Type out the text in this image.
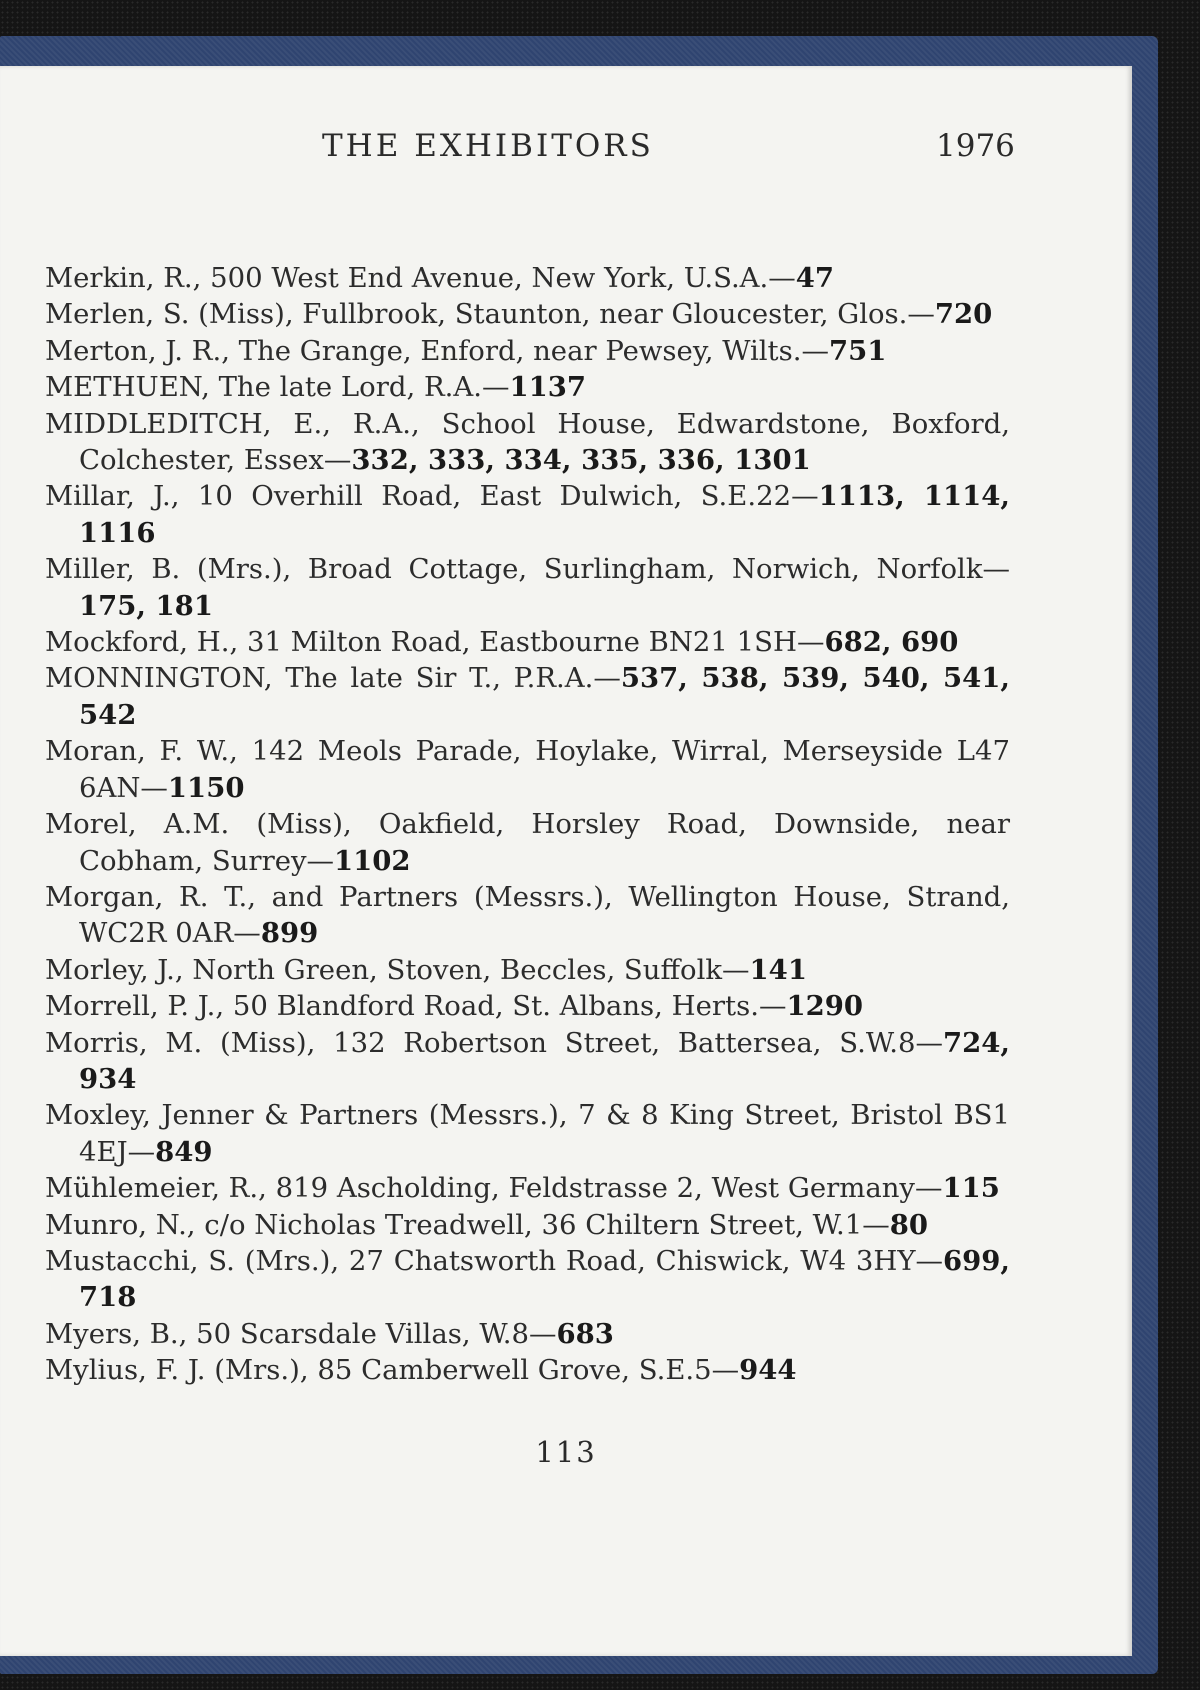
THE EXHIBITORS	1976
Merkin, R., 500 West End Avenue, New York, U.S.A.—47
Merlen, S. (Miss), Fullbrook, Staunton, near Gloucester, Glos.—720
Merton, J. R., The Grange, Enford, near Pewsey, Wilts.—751
METHUEN, The late Lord, R.A.—1137
MIDDLEDITCH, E., R.A., School House, Edwardstone, Boxford, Colchester, Essex—332, 333, 334, 335, 336, 1301
Millar, J., 10 Overhill Road, East Dulwich, S.E.22—1113, 1114, 1116
Miller, B. (Mrs.), Broad Cottage, Surlingham, Norwich, Norfolk—175, 181
Mockford, H., 31 Milton Road, Eastbourne BN21 1SH—682, 690
MONNINGTON, The late Sir T., P.R.A.—537, 538, 539, 540, 541, 542
Moran, F. W., 142 Meols Parade, Hoylake, Wirral, Merseyside L47 6AN—1150
Morel, A.M. (Miss), Oakfield, Horsley Road, Downside, near Cobham, Surrey—1102
Morgan, R. T., and Partners (Messrs.), Wellington House, Strand, WC2R 0AR—899
Morley, J., North Green, Stoven, Beccles, Suffolk—141
Morrell, P. J., 50 Blandford Road, St. Albans, Herts.—1290
Morris, M. (Miss), 132 Robertson Street, Battersea, S.W.8—724, 934
Moxley, Jenner & Partners (Messrs.), 7 & 8 King Street, Bristol BS1 4EJ—849
Mühlemeier, R., 819 Ascholding, Feldstrasse 2, West Germany—115
Munro, N., c/o Nicholas Treadwell, 36 Chiltern Street, W.1—80
Mustacchi, S. (Mrs.), 27 Chatsworth Road, Chiswick, W4 3HY—699, 718
Myers, B., 50 Scarsdale Villas, W.8—683
Mylius, F. J. (Mrs.), 85 Camberwell Grove, S.E.5—944
113
